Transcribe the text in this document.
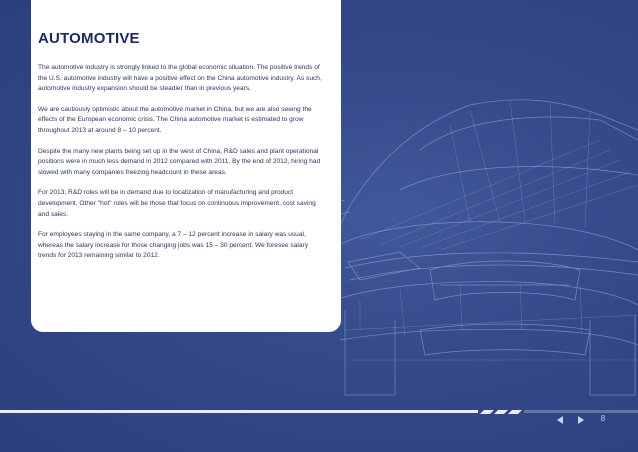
AUTOMOTIVE

The automotive industry is strongly linked to the global economic situation. The positive trends of the U.S. automotive industry will have a positive effect on the China automotive industry. As such, automotive industry expansion should be steadier than in previous years.

We are cautiously optimistic about the automotive market in China, but we are also seeing the effects of the European economic crisis. The China automotive market is estimated to grow throughout 2013 at around 8 – 10 percent.

Despite the many new plants being set up in the west of China, R&D sales and plant operational positions were in much less demand in 2012 compared with 2011. By the end of 2012, hiring had slowed with many companies freezing headcount in these areas.

For 2013, R&D roles will be in demand due to localization of manufacturing and product development. Other "hot" roles will be those that focus on continuous improvement, cost saving and sales.

For employees staying in the same company, a 7 – 12 percent increase in salary was usual, whereas the salary increase for those changing jobs was 15 – 30 percent. We foresee salary trends for 2013 remaining similar to 2012.

8
